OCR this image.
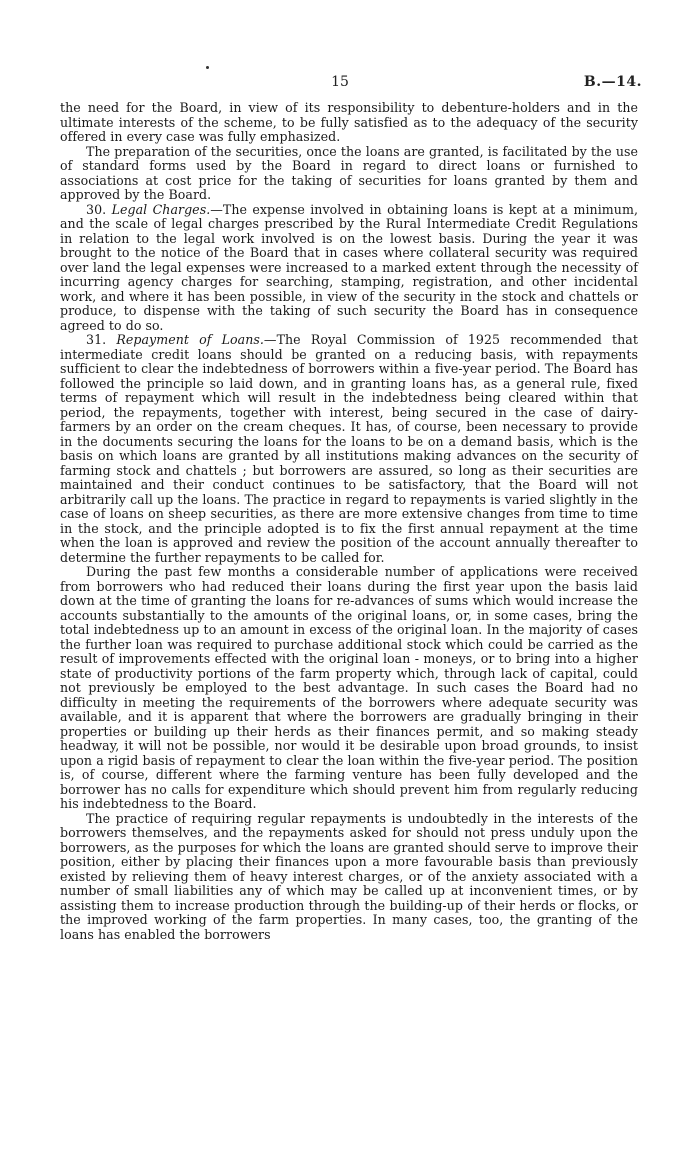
15	B.—14.

the need for the Board, in view of its responsibility to debenture-holders and in the ultimate interests of the scheme, to be fully satisfied as to the adequacy of the security offered in every case was fully emphasized.

The preparation of the securities, once the loans are granted, is facilitated by the use of standard forms used by the Board in regard to direct loans or furnished to associations at cost price for the taking of securities for loans granted by them and approved by the Board.

30. Legal Charges.—The expense involved in obtaining loans is kept at a minimum, and the scale of legal charges prescribed by the Rural Intermediate Credit Regulations in relation to the legal work involved is on the lowest basis. During the year it was brought to the notice of the Board that in cases where collateral security was required over land the legal expenses were increased to a marked extent through the necessity of incurring agency charges for searching, stamping, registration, and other incidental work, and where it has been possible, in view of the security in the stock and chattels or produce, to dispense with the taking of such security the Board has in consequence agreed to do so.

31. Repayment of Loans.—The Royal Commission of 1925 recommended that intermediate credit loans should be granted on a reducing basis, with repayments sufficient to clear the indebtedness of borrowers within a five-year period. The Board has followed the principle so laid down, and in granting loans has, as a general rule, fixed terms of repayment which will result in the indebtedness being cleared within that period, the repayments, together with interest, being secured in the case of dairy-farmers by an order on the cream cheques. It has, of course, been necessary to provide in the documents securing the loans for the loans to be on a demand basis, which is the basis on which loans are granted by all institutions making advances on the security of farming stock and chattels ; but borrowers are assured, so long as their securities are maintained and their conduct continues to be satisfactory, that the Board will not arbitrarily call up the loans. The practice in regard to repayments is varied slightly in the case of loans on sheep securities, as there are more extensive changes from time to time in the stock, and the principle adopted is to fix the first annual repayment at the time when the loan is approved and review the position of the account annually thereafter to determine the further repayments to be called for.

During the past few months a considerable number of applications were received from borrowers who had reduced their loans during the first year upon the basis laid down at the time of granting the loans for re-advances of sums which would increase the accounts substantially to the amounts of the original loans, or, in some cases, bring the total indebtedness up to an amount in excess of the original loan. In the majority of cases the further loan was required to purchase additional stock which could be carried as the result of improvements effected with the original loan - moneys, or to bring into a higher state of productivity portions of the farm property which, through lack of capital, could not previously be employed to the best advantage. In such cases the Board had no difficulty in meeting the requirements of the borrowers where adequate security was available, and it is apparent that where the borrowers are gradually bringing in their properties or building up their herds as their finances permit, and so making steady headway, it will not be possible, nor would it be desirable upon broad grounds, to insist upon a rigid basis of repayment to clear the loan within the five-year period. The position is, of course, different where the farming venture has been fully developed and the borrower has no calls for expenditure which should prevent him from regularly reducing his indebtedness to the Board.

The practice of requiring regular repayments is undoubtedly in the interests of the borrowers themselves, and the repayments asked for should not press unduly upon the borrowers, as the purposes for which the loans are granted should serve to improve their position, either by placing their finances upon a more favourable basis than previously existed by relieving them of heavy interest charges, or of the anxiety associated with a number of small liabilities any of which may be called up at inconvenient times, or by assisting them to increase production through the building-up of their herds or flocks, or the improved working of the farm properties. In many cases, too, the granting of the loans has enabled the borrowers
